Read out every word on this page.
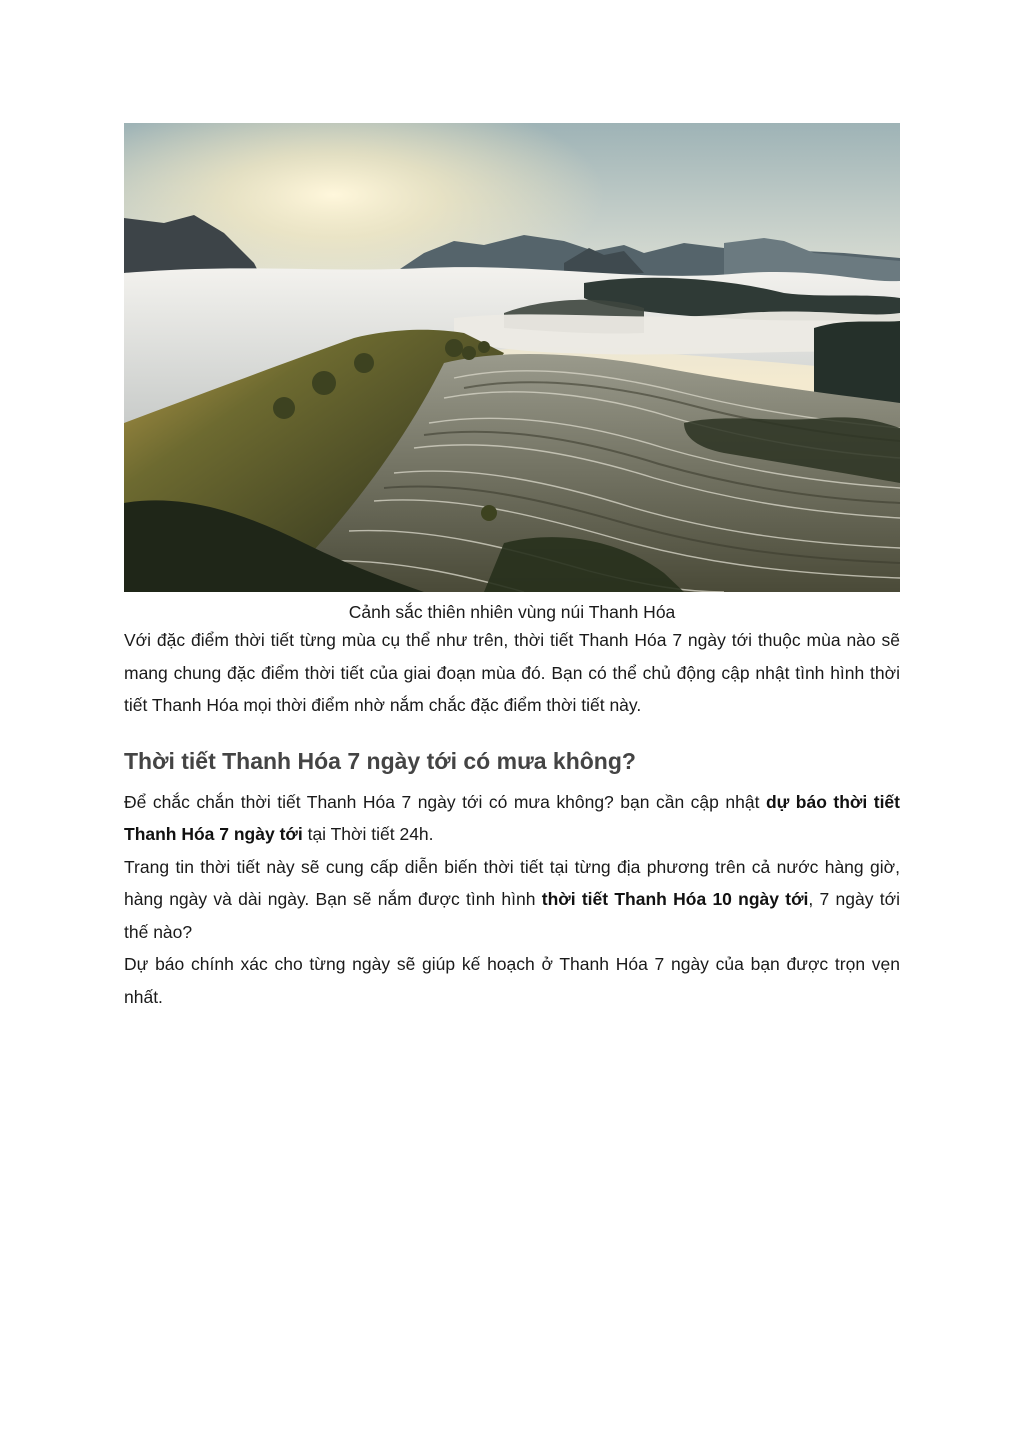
Cảnh sắc thiên nhiên vùng núi Thanh Hóa

Với đặc điểm thời tiết từng mùa cụ thể như trên, thời tiết Thanh Hóa 7 ngày tới thuộc mùa nào sẽ mang chung đặc điểm thời tiết của giai đoạn mùa đó. Bạn có thể chủ động cập nhật tình hình thời tiết Thanh Hóa mọi thời điểm nhờ nắm chắc đặc điểm thời tiết này.

Thời tiết Thanh Hóa 7 ngày tới có mưa không?

Để chắc chắn thời tiết Thanh Hóa 7 ngày tới có mưa không? bạn cần cập nhật dự báo thời tiết Thanh Hóa 7 ngày tới tại Thời tiết 24h.

Trang tin thời tiết này sẽ cung cấp diễn biến thời tiết tại từng địa phương trên cả nước hàng giờ, hàng ngày và dài ngày. Bạn sẽ nắm được tình hình thời tiết Thanh Hóa 10 ngày tới, 7 ngày tới thế nào?

Dự báo chính xác cho từng ngày sẽ giúp kế hoạch ở Thanh Hóa 7 ngày của bạn được trọn vẹn nhất.
